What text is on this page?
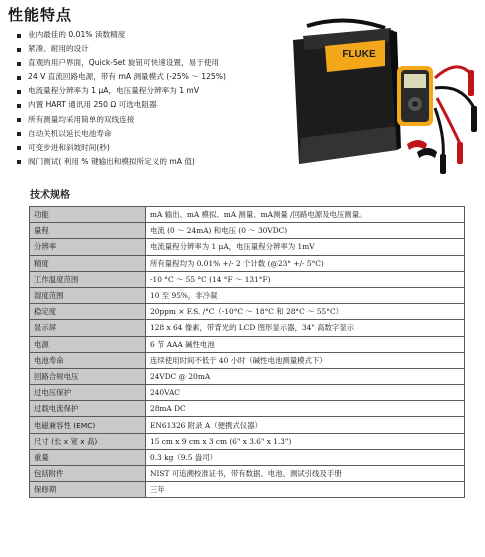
性能特点
业内最佳的 0.01% 读数精度
紧凑、耐用的设计
直观的用户界面，Quick-Set 旋钮可快速设置，易于使用
24 V 直流回路电源，带有 mA 测量模式 (-25% ～ 125%)
电流量程分辨率为 1 μA，电压量程分辨率为 1 mV
内置 HART 通讯用 250 Ω 可选电阻器
所有测量均采用简单的双线连接
自动关机以延长电池寿命
可变步进和斜坡时间(秒)
阀门测试( 利用 % 键输出和模拟所定义的 mA 值)
FLUKE
技术规格
功能	mA 输出、mA 模拟、mA 测量、mA测量 /回路电源及电压测量。
量程	电流 (0 ～ 24mA) 和电压 (0 ～ 30VDC)
分辨率	电流量程分辨率为 1 μA，电压量程分辨率为 1mV
精度	所有量程均为 0.01% +/- 2 个计数 (@23° +/- 5°C)
工作温度范围	-10 °C ～ 55 °C (14 °F ～ 131°F)
湿度范围	10 至 95%，非冷凝
稳定度	20ppm × F.S. /°C（-10°C ～ 18°C 和 28°C ～ 55°C）
显示屏	128 x 64 像素，带背光的 LCD 图形显示器，34" 高数字显示
电源	6 节 AAA 碱性电池
电池寿命	连续使用时间不低于 40 小时（碱性电池测量模式下）
回路合规电压	24VDC @ 20mA
过电压保护	240VAC
过载电流保护	28mA DC
电磁兼容性 (EMC)	EN61326 附录 A（便携式仪器）
尺寸 (长 x 宽 x 高)	15 cm x 9 cm x 3 cm (6" x 3.6" x 1.3")
重量	0.3 kg（9.5 盎司）
包括附件	NIST 可追溯校准证书，带有数据、电池、测试引线及手册
保修期	三年
